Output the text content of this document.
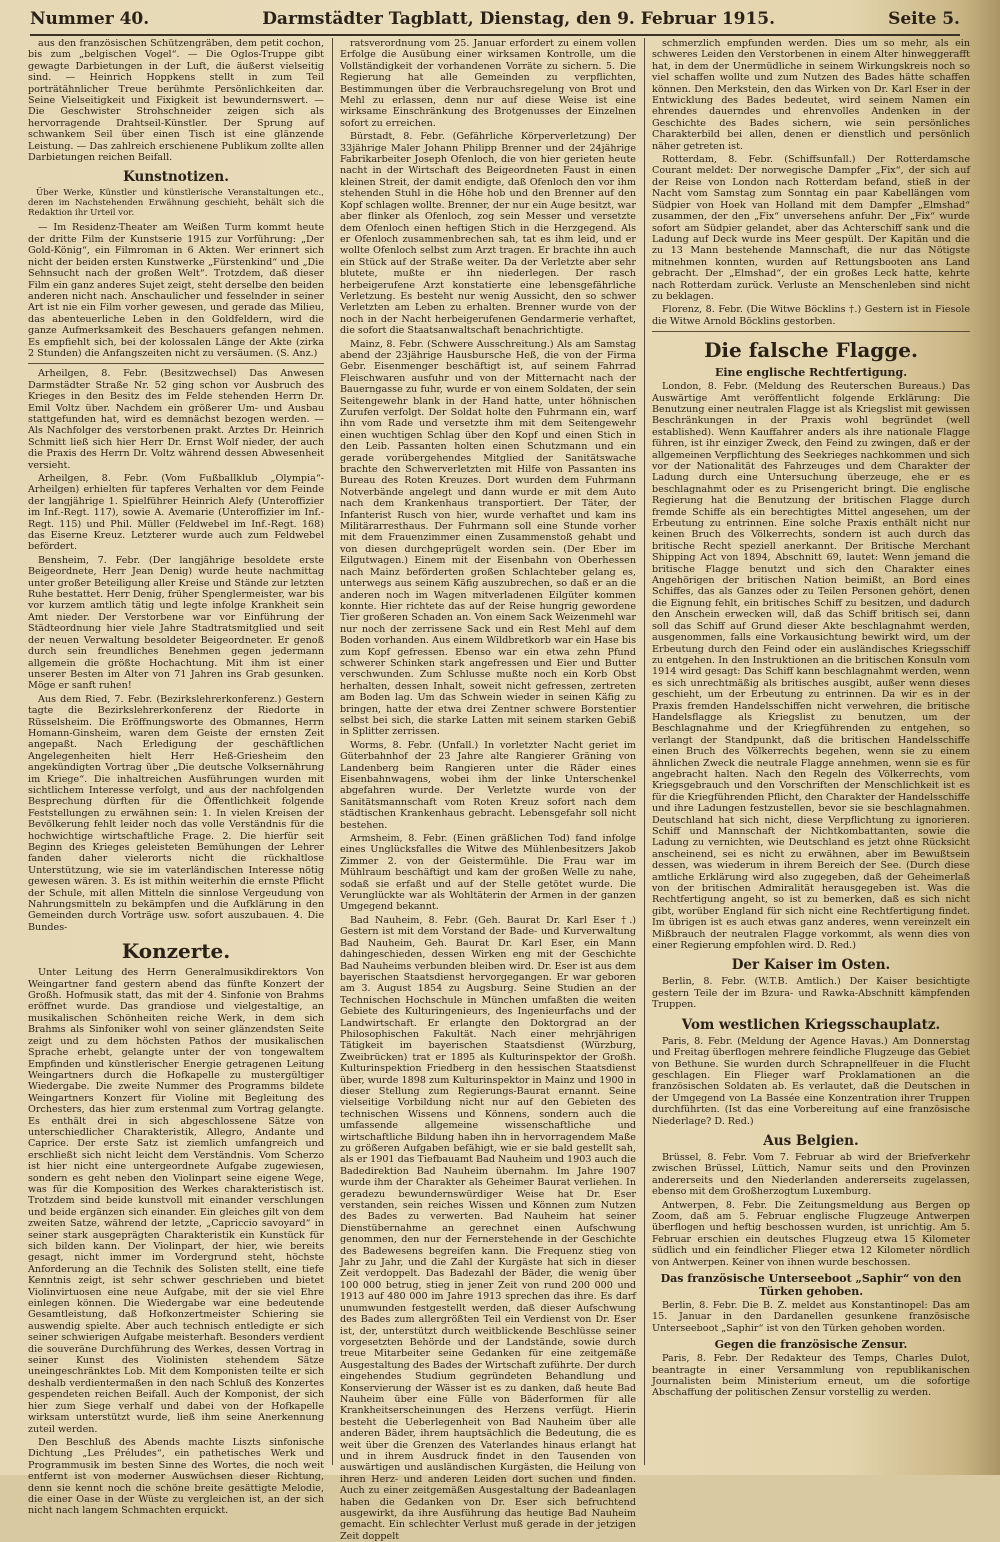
Nummer 40.	Darmstädter Tagblatt, Dienstag, den 9. Februar 1915.	Seite 5.

aus den französischen Schützengräben, dem petit cochon, bis zum „belgischen Vogel“. — Die Oglos-Truppe gibt gewagte Darbietungen in der Luft, die äußerst vielseitig sind. — Heinrich Hoppkens stellt in zum Teil porträtähnlicher Treue berühmte Persönlichkeiten dar. Seine Vielseitigkeit und Fixigkeit ist bewundernswert. — Die Geschwister Strohschneider zeigen sich als hervorragende Drahtseil-Künstler. Der Sprung auf schwankem Seil über einen Tisch ist eine glänzende Leistung. — Das zahlreich erschienene Publikum zollte allen Darbietungen reichen Beifall.

Kunstnotizen.

Über Werke, Künstler und künstlerische Veranstaltungen etc., deren im Nachstehenden Erwähnung geschieht, behält sich die Redaktion ihr Urteil vor.

— Im Residenz-Theater am Weißen Turm kommt heute der dritte Film der Kunstserie 1915 zur Vorführung: „Der Gold-König“, ein Filmroman in 6 Akten. Wer erinnert sich nicht der beiden ersten Kunstwerke „Fürstenkind“ und „Die Sehnsucht nach der großen Welt“. Trotzdem, daß dieser Film ein ganz anderes Sujet zeigt, steht derselbe den beiden anderen nicht nach. Anschaulicher und fesselnder in seiner Art ist nie ein Film vorher gewesen, und gerade das Milieu, das abenteuerliche Leben in den Goldfeldern, wird die ganze Aufmerksamkeit des Beschauers gefangen nehmen. Es empfiehlt sich, bei der kolossalen Länge der Akte (zirka 2 Stunden) die Anfangszeiten nicht zu versäumen. (S. Anz.)

Arheilgen, 8. Febr. (Besitzwechsel) Das Anwesen Darmstädter Straße Nr. 52 ging schon vor Ausbruch des Krieges in den Besitz des im Felde stehenden Herrn Dr. Emil Voltz über. Nachdem ein größerer Um- und Ausbau stattgefunden hat, wird es demnächst bezogen werden. — Als Nachfolger des verstorbenen prakt. Arztes Dr. Heinrich Schmitt ließ sich hier Herr Dr. Ernst Wolf nieder, der auch die Praxis des Herrn Dr. Voltz während dessen Abwesenheit versieht.

Arheilgen, 8. Febr. (Vom Fußballklub „Olympia“-Arheilgen) erhielten für tapferes Verhalten vor dem Feinde der langjährige 1. Spielführer Heinrich Alefy (Unteroffizier im Inf.-Regt. 117), sowie A. Avemarie (Unteroffizier im Inf.-Regt. 115) und Phil. Müller (Feldwebel im Inf.-Regt. 168) das Eiserne Kreuz. Letzterer wurde auch zum Feldwebel befördert.

Bensheim, 7. Febr. (Der langjährige besoldete erste Beigeordnete, Herr Jean Denig) wurde heute nachmittag unter großer Beteiligung aller Kreise und Stände zur letzten Ruhe bestattet. Herr Denig, früher Spenglermeister, war bis vor kurzem amtlich tätig und legte infolge Krankheit sein Amt nieder. Der Verstorbene war vor Einführung der Städteordnung hier viele Jahre Stadtratsmitglied und seit der neuen Verwaltung besoldeter Beigeordneter. Er genoß durch sein freundliches Benehmen gegen jedermann allgemein die größte Hochachtung. Mit ihm ist einer unserer Besten im Alter von 71 Jahren ins Grab gesunken. Möge er sanft ruhen!

Aus dem Ried, 7. Febr. (Bezirkslehrerkonferenz.) Gestern tagte die Bezirkslehrerkonferenz der Riedorte in Rüsselsheim. Die Eröffnungsworte des Obmannes, Herrn Homann-Ginsheim, waren dem Geiste der ernsten Zeit angepaßt. Nach Erledigung der geschäftlichen Angelegenheiten hielt Herr Heß-Griesheim den angekündigten Vortrag über „Die deutsche Volksernährung im Kriege“. Die inhaltreichen Ausführungen wurden mit sichtlichem Interesse verfolgt, und aus der nachfolgenden Besprechung dürften für die Öffentlichkeit folgende Feststellungen zu erwähnen sein: 1. In vielen Kreisen der Bevölkerung fehlt leider noch das volle Verständnis für die hochwichtige wirtschaftliche Frage. 2. Die hierfür seit Beginn des Krieges geleisteten Bemühungen der Lehrer fanden daher vielerorts nicht die rückhaltlose Unterstützung, wie sie im vaterländischen Interesse nötig gewesen wären. 3. Es ist mithin weiterhin die ernste Pflicht der Schule, mit allen Mitteln die sinnlose Vergeudung von Nahrungsmitteln zu bekämpfen und die Aufklärung in den Gemeinden durch Vorträge usw. sofort auszubauen. 4. Die Bundes-

Konzerte.

Unter Leitung des Herrn Generalmusikdirektors Von Weingartner fand gestern abend das fünfte Konzert der Großh. Hofmusik statt, das mit der 4. Sinfonie von Brahms eröffnet wurde. Das grandiose und vielgestaltige, an musikalischen Schönheiten reiche Werk, in dem sich Brahms als Sinfoniker wohl von seiner glänzendsten Seite zeigt und zu dem höchsten Pathos der musikalischen Sprache erhebt, gelangte unter der von tongewaltem Empfinden und künstlerischer Energie getragenen Leitung Weingartners durch die Hofkapelle zu mustergültiger Wiedergabe. Die zweite Nummer des Programms bildete Weingartners Konzert für Violine mit Begleitung des Orchesters, das hier zum erstenmal zum Vortrag gelangte. Es enthält drei in sich abgeschlossene Sätze von unterschiedlicher Charakteristik, Allegro, Andante und Caprice. Der erste Satz ist ziemlich umfangreich und erschließt sich nicht leicht dem Verständnis. Vom Scherzo ist hier nicht eine untergeordnete Aufgabe zugewiesen, sondern es geht neben den Violinpart seine eigene Wege, was für die Komposition des Werkes charakteristisch ist. Trotzdem sind beide kunstvoll mit einander verschlungen und beide ergänzen sich einander. Ein gleiches gilt von dem zweiten Satze, während der letzte, „Capriccio savoyard“ in seiner stark ausgeprägten Charakteristik ein Kunstück für sich bilden kann. Der Violinpart, der hier, wie bereits gesagt, nicht immer im Vordergrund steht, höchste Anforderung an die Technik des Solisten stellt, eine tiefe Kenntnis zeigt, ist sehr schwer geschrieben und bietet Violinvirtuosen eine neue Aufgabe, mit der sie viel Ehre einlegen können. Die Wiedergabe war eine bedeutende Gesamtleistung, daß Hofkonzertmeister Schiering sie auswendig spielte. Aber auch technisch entledigte er sich seiner schwierigen Aufgabe meisterhaft. Besonders verdient die souveräne Durchführung des Werkes, dessen Vortrag in seiner Kunst des Violinisten stehendem Sätze uneingeschränktes Lob. Mit dem Komponisten teilte er sich deshalb verdientermaßen in den nach Schluß des Konzertes gespendeten reichen Beifall. Auch der Komponist, der sich hier zum Siege verhalf und dabei von der Hofkapelle wirksam unterstützt wurde, ließ ihm seine Anerkennung zuteil werden.

Den Beschluß des Abends machte Liszts sinfonische Dichtung „Les Préludes“, ein pathetisches Werk und Programmusik im besten Sinne des Wortes, die noch weit entfernt ist von moderner Auswüchsen dieser Richtung, denn sie kennt noch die schöne breite gesättigte Melodie, die einer Oase in der Wüste zu vergleichen ist, an der sich nicht nach langem Schmachten erquickt.

ratsverordnung vom 25. Januar erfordert zu einem vollen Erfolge die Ausübung einer wirksamen Kontrolle, um die Vollständigkeit der vorhandenen Vorräte zu sichern. 5. Die Regierung hat alle Gemeinden zu verpflichten, Bestimmungen über die Verbrauchsregelung von Brot und Mehl zu erlassen, denn nur auf diese Weise ist eine wirksame Einschränkung des Brotgenusses der Einzelnen sofort zu erreichen.

Bürstadt, 8. Febr. (Gefährliche Körperverletzung) Der 33jährige Maler Johann Philipp Brenner und der 24jährige Fabrikarbeiter Joseph Ofenloch, die von hier gerieten heute nacht in der Wirtschaft des Beigeordneten Faust in einen kleinen Streit, der damit endigte, daß Ofenloch den vor ihm stehenden Stuhl in die Höhe hob und den Brenner auf den Kopf schlagen wollte. Brenner, der nur ein Auge besitzt, war aber flinker als Ofenloch, zog sein Messer und versetzte dem Ofenloch einen heftigen Stich in die Herzgegend. Als er Ofenloch zusammenbrechen sah, tat es ihm leid, und er wollte Ofenloch selbst zum Arzt tragen. Er brachte ihn auch ein Stück auf der Straße weiter. Da der Verletzte aber sehr blutete, mußte er ihn niederlegen. Der rasch herbeigerufene Arzt konstatierte eine lebensgefährliche Verletzung. Es besteht nur wenig Aussicht, den so schwer Verletzten am Leben zu erhalten. Brenner wurde von der noch in der Nacht herbeigerufenen Gendarmerie verhaftet, die sofort die Staatsanwaltschaft benachrichtigte.

Mainz, 8. Febr. (Schwere Ausschreitung.) Als am Samstag abend der 23jährige Hausbursche Heß, die von der Firma Gebr. Eisenmenger beschäftigt ist, auf seinem Fahrrad Fleischwaren ausfuhr und von der Mitternacht nach der Bauerngasse zu fuhr, wurde er von einem Soldaten, der sein Seitengewehr blank in der Hand hatte, unter höhnischen Zurufen verfolgt. Der Soldat holte den Fuhrmann ein, warf ihn vom Rade und versetzte ihm mit dem Seitengewehr einen wuchtigen Schlag über den Kopf und einen Stich in den Leib. Passanten holten einen Schutzmann und ein gerade vorübergehendes Mitglied der Sanitätswache brachte den Schwerverletzten mit Hilfe von Passanten ins Bureau des Roten Kreuzes. Dort wurden dem Fuhrmann Notverbände angelegt und dann wurde er mit dem Auto nach dem Krankenhaus transportiert. Der Täter, der Infanterist Rusch von hier, wurde verhaftet und kam ins Militärarresthaus. Der Fuhrmann soll eine Stunde vorher mit dem Frauenzimmer einen Zusammenstoß gehabt und von diesen durchgeprügelt worden sein. (Der Eber im Eilgutwagen.) Einem mit der Eisenbahn von Oberhessen nach Mainz beförderten großen Schlachteber gelang es, unterwegs aus seinem Käfig auszubrechen, so daß er an die anderen noch im Wagen mitverladenen Eilgüter kommen konnte. Hier richtete das auf der Reise hungrig gewordene Tier großeren Schaden an. Von einem Sack Weizenmehl war nur noch der zerrissene Sack und ein Rest Mehl auf dem Boden vorhanden. Aus einem Wildbretkorb war ein Hase bis zum Kopf gefressen. Ebenso war ein etwa zehn Pfund schwerer Schinken stark angefressen und Eier und Butter verschwunden. Zum Schlusse mußte noch ein Korb Obst herhalten, dessen Inhalt, soweit nicht gefressen, zertreten am Boden lag. Um das Schwein wieder in seinen Käfig zu bringen, hatte der etwa drei Zentner schwere Borstentier selbst bei sich, die starke Latten mit seinem starken Gebiß in Splitter zerrissen.

Worms, 8. Febr. (Unfall.) In vorletzter Nacht geriet im Güterbahnhof der 23 Jahre alte Rangierer Gräning von Landenberg beim Rangieren unter die Räder eines Eisenbahnwagens, wobei ihm der linke Unterschenkel abgefahren wurde. Der Verletzte wurde von der Sanitätsmannschaft vom Roten Kreuz sofort nach dem städtischen Krankenhaus gebracht. Lebensgefahr soll nicht bestehen.

Armsheim, 8. Febr. (Einen gräßlichen Tod) fand infolge eines Unglücksfalles die Witwe des Mühlenbesitzers Jakob Zimmer 2. von der Geistermühle. Die Frau war im Mühlraum beschäftigt und kam der großen Welle zu nahe, sodaß sie erfaßt und auf der Stelle getötet wurde. Die Verunglückte war als Wohltäterin der Armen in der ganzen Umgegend bekannt.

Bad Nauheim, 8. Febr. (Geh. Baurat Dr. Karl Eser †.) Gestern ist mit dem Vorstand der Bade- und Kurverwaltung Bad Nauheim, Geh. Baurat Dr. Karl Eser, ein Mann dahingeschieden, dessen Wirken eng mit der Geschichte Bad Nauheims verbunden bleiben wird. Dr. Eser ist aus dem bayerischen Staatsdienst hervorgegangen. Er war geboren am 3. August 1854 zu Augsburg. Seine Studien an der Technischen Hochschule in München umfaßten die weiten Gebiete des Kulturingenieurs, des Ingenieurfachs und der Landwirtschaft. Er erlangte den Doktorgrad an der Philosophischen Fakultät. Nach einer mehrjährigen Tätigkeit im bayerischen Staatsdienst (Würzburg, Zweibrücken) trat er 1895 als Kulturinspektor der Großh. Kulturinspektion Friedberg in den hessischen Staatsdienst über, wurde 1898 zum Kulturinspektor in Mainz und 1900 in dieser Stellung zum Regierungs-Baurat ernannt. Seine vielseitige Vorbildung nicht nur auf den Gebieten des technischen Wissens und Könnens, sondern auch die umfassende allgemeine wissenschaftliche und wirtschaftliche Bildung haben ihn in hervorragendem Maße zu größeren Aufgaben befähigt, wie er sie bald gestellt sah, als er 1901 das Tiefbauamt Bad Nauheim und 1903 auch die Badedirektion Bad Nauheim übernahm. Im Jahre 1907 wurde ihm der Charakter als Geheimer Baurat verliehen. In geradezu bewundernswürdiger Weise hat Dr. Eser verstanden, sein reiches Wissen und Können zum Nutzen des Bades zu verwerten. Bad Nauheim hat seiner Dienstübernahme an gerechnet einen Aufschwung genommen, den nur der Fernerstehende in der Geschichte des Badewesens begreifen kann. Die Frequenz stieg von Jahr zu Jahr, und die Zahl der Kurgäste hat sich in dieser Zeit verdoppelt. Das Badezahl der Bäder, die wenig über 100 000 betrug, stieg in jener Zeit von rund 200 000 und 1913 auf 480 000 im Jahre 1913 sprechen das ihre. Es darf unumwunden festgestellt werden, daß dieser Aufschwung des Bades zum allergrößten Teil ein Verdienst von Dr. Eser ist, der, unterstützt durch weitblickende Beschlüsse seiner vorgesetzten Behörde und der Landstände, sowie durch treue Mitarbeiter seine Gedanken für eine zeitgemäße Ausgestaltung des Bades der Wirtschaft zuführte. Der durch eingehendes Studium gegründeten Behandlung und Konservierung der Wässer ist es zu danken, daß heute Bad Nauheim über eine Fülle von Bäderformen für alle Krankheitserscheinungen des Herzens verfügt. Hierin besteht die Ueberlegenheit von Bad Nauheim über alle anderen Bäder, ihrem hauptsächlich die Bedeutung, die es weit über die Grenzen des Vaterlandes hinaus erlangt hat und in ihrem Ausdruck findet in den Tausenden von auswärtigen und ausländischen Kurgästen, die Heilung von ihren Herz- und anderen Leiden dort suchen und finden. Auch zu einer zeitgemäßen Ausgestaltung der Badeanlagen haben die Gedanken von Dr. Eser sich befruchtend ausgewirkt, da ihre Ausführung das heutige Bad Nauheim gemacht. Ein schlechter Verlust muß gerade in der jetzigen Zeit doppelt

schmerzlich empfunden werden. Dies um so mehr, als ein schweres Leiden den Verstorbenen in einem Alter hinweggerafft hat, in dem der Unermüdliche in seinem Wirkungskreis noch so viel schaffen wollte und zum Nutzen des Bades hätte schaffen können. Den Merkstein, den das Wirken von Dr. Karl Eser in der Entwicklung des Bades bedeutet, wird seinem Namen ein ehrendes dauerndes und ehrenvolles Andenken in der Geschichte des Bades sichern, wie sein persönliches Charakterbild bei allen, denen er dienstlich und persönlich näher getreten ist.

Rotterdam, 8. Febr. (Schiffsunfall.) Der Rotterdamsche Courant meldet: Der norwegische Dampfer „Fix“, der sich auf der Reise von London nach Rotterdam befand, stieß in der Nacht vom Samstag zum Sonntag ein paar Kabellängen vom Südpier von Hoek van Holland mit dem Dampfer „Elmshad“ zusammen, der den „Fix“ unversehens anfuhr. Der „Fix“ wurde sofort am Südpier gelandet, aber das Achterschiff sank und die Ladung auf Deck wurde ins Meer gespült. Der Kapitän und die zu 13 Mann bestehende Mannschaft, die nur das Nötigste mitnehmen konnten, wurden auf Rettungsbooten ans Land gebracht. Der „Elmshad“, der ein großes Leck hatte, kehrte nach Rotterdam zurück. Verluste an Menschenleben sind nicht zu beklagen.

Florenz, 8. Febr. (Die Witwe Böcklins †.) Gestern ist in Fiesole die Witwe Arnold Böcklins gestorben.

Die falsche Flagge.
Eine englische Rechtfertigung.

London, 8. Febr. (Meldung des Reuterschen Bureaus.) Das Auswärtige Amt veröffentlicht folgende Erklärung: Die Benutzung einer neutralen Flagge ist als Kriegslist mit gewissen Beschränkungen in der Praxis wohl begründet (well established). Wenn Kauffahrer anders als ihre nationale Flagge führen, ist ihr einziger Zweck, den Feind zu zwingen, daß er der allgemeinen Verpflichtung des Seekrieges nachkommen und sich vor der Nationalität des Fahrzeuges und dem Charakter der Ladung durch eine Untersuchung überzeuge, ehe er es beschlagnahmt oder es zu Prisengericht bringt. Die englische Regierung hat die Benutzung der britischen Flagge durch fremde Schiffe als ein berechtigtes Mittel angesehen, um der Erbeutung zu entrinnen. Eine solche Praxis enthält nicht nur keinen Bruch des Völkerrechts, sondern ist auch durch das britische Recht speziell anerkannt. Der Britische Merchant Shipping Act von 1894, Abschnitt 69, lautet: Wenn jemand die britische Flagge benutzt und sich den Charakter eines Angehörigen der britischen Nation beimißt, an Bord eines Schiffes, das als Ganzes oder zu Teilen Personen gehört, denen die Eignung fehlt, ein britisches Schiff zu besitzen, und dadurch den Anschein erwecken will, daß das Schiff britisch sei, dann soll das Schiff auf Grund dieser Akte beschlagnahmt werden, ausgenommen, falls eine Vorkausichtung bewirkt wird, um der Erbeutung durch den Feind oder ein ausländisches Kriegsschiff zu entgehen. In den Instruktionen an die britischen Konsuln vom 1914 wird gesagt: Das Schiff kann beschlagnahmt werden, wenn es sich unrechtmäßig als britisches ausgibt, außer wenn dieses geschieht, um der Erbeutung zu entrinnen. Da wir es in der Praxis fremden Handelsschiffen nicht verwehren, die britische Handelsflagge als Kriegslist zu benutzen, um der Beschlagnahme und der Kriegführenden zu entgehen, so verlangt der Standpunkt, daß die britischen Handelsschiffe einen Bruch des Völkerrechts begehen, wenn sie zu einem ähnlichen Zweck die neutrale Flagge annehmen, wenn sie es für angebracht halten. Nach den Regeln des Völkerrechts, vom Kriegsgebrauch und den Vorschriften der Menschlichkeit ist es für die Kriegführenden Pflicht, den Charakter der Handelsschiffe und ihre Ladungen festzustellen, bevor sie sie beschlagnahmen. Deutschland hat sich nicht, diese Verpflichtung zu ignorieren. Schiff und Mannschaft der Nichtkombattanten, sowie die Ladung zu vernichten, wie Deutschland es jetzt ohne Rücksicht anscheinend, sei es nicht zu erwähnen, aber im Bewußtsein dessen, was wiederum in ihrem Bereich der See. (Durch diese amtliche Erklärung wird also zugegeben, daß der Geheimerlaß von der britischen Admiralität herausgegeben ist. Was die Rechtfertigung angeht, so ist zu bemerken, daß es sich nicht gibt, worüber England für sich nicht eine Rechtfertigung findet. Im übrigen ist es auch etwas ganz anderes, wenn vereinzelt ein Mißbrauch der neutralen Flagge vorkommt, als wenn dies von einer Regierung empfohlen wird. D. Red.)

Der Kaiser im Osten.

Berlin, 8. Febr. (W.T.B. Amtlich.) Der Kaiser besichtigte gestern Teile der im Bzura- und Rawka-Abschnitt kämpfenden Truppen.

Vom westlichen Kriegsschauplatz.

Paris, 8. Febr. (Meldung der Agence Havas.) Am Donnerstag und Freitag überflogen mehrere feindliche Flugzeuge das Gebiet von Bethune. Sie wurden durch Schrapnellfeuer in die Flucht geschlagen. Ein Flieger warf Proklamationen an die französischen Soldaten ab. Es verlautet, daß die Deutschen in der Umgegend von La Bassée eine Konzentration ihrer Truppen durchführten. (Ist das eine Vorbereitung auf eine französische Niederlage? D. Red.)

Aus Belgien.

Brüssel, 8. Febr. Vom 7. Februar ab wird der Briefverkehr zwischen Brüssel, Lüttich, Namur seits und den Provinzen andererseits und den Niederlanden andererseits zugelassen, ebenso mit dem Großherzogtum Luxemburg.

Antwerpen, 8. Febr. Die Zeitungsmeldung aus Bergen op Zoom, daß am 5. Februar englische Flugzeuge Antwerpen überflogen und heftig beschossen wurden, ist unrichtig. Am 5. Februar erschien ein deutsches Flugzeug etwa 15 Kilometer südlich und ein feindlicher Flieger etwa 12 Kilometer nördlich von Antwerpen. Keiner von ihnen wurde beschossen.

Das französische Unterseeboot „Saphir“ von den Türken gehoben.

Berlin, 8. Febr. Die B. Z. meldet aus Konstantinopel: Das am 15. Januar in den Dardanellen gesunkene französische Unterseeboot „Saphir“ ist von den Türken gehoben worden.

Gegen die französische Zensur.

Paris, 8. Febr. Der Redakteur des Temps, Charles Dulot, beantragte in einer Versammlung von republikanischen Journalisten beim Ministerium erneut, um die sofortige Abschaffung der politischen Zensur vorstellig zu werden.
